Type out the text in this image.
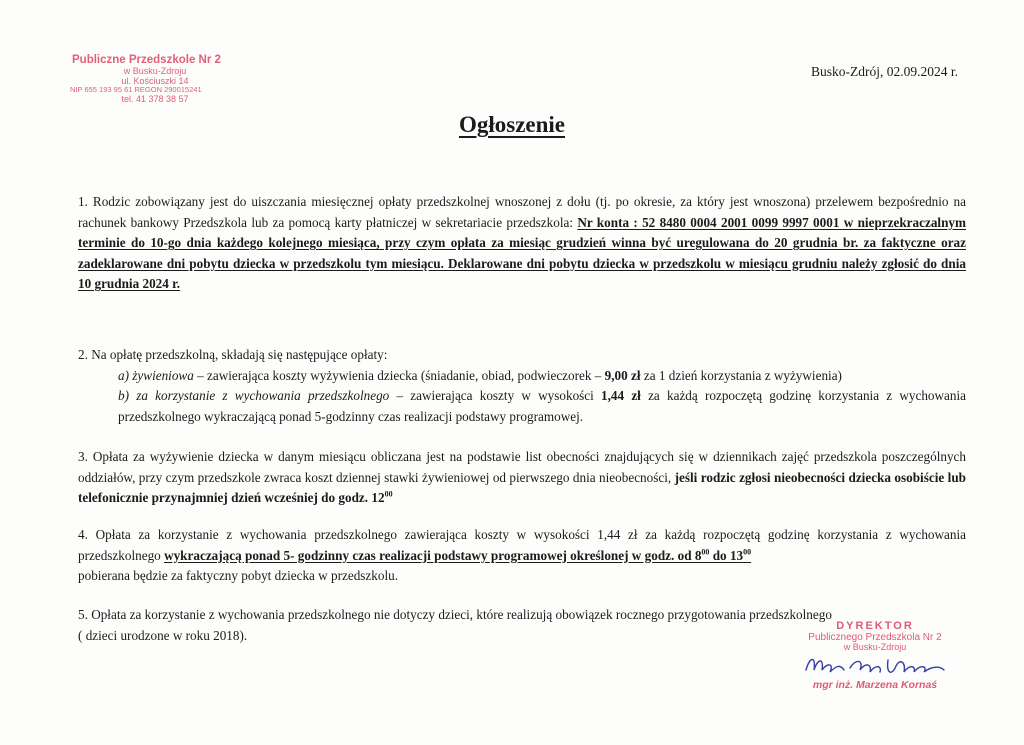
Publiczne Przedszkole Nr 2
w Busku-Zdroju
ul. Kościuszki 14
NIP 655 193 95 61 REGON 290015241
tel. 41 378 38 57
Busko-Zdrój, 02.09.2024 r.
Ogłoszenie
1. Rodzic zobowiązany jest do uiszczania miesięcznej opłaty przedszkolnej wnoszonej z dołu (tj. po okresie, za który jest wnoszona) przelewem bezpośrednio na rachunek bankowy Przedszkola lub za pomocą karty płatniczej w sekretariacie przedszkola: Nr konta : 52 8480 0004 2001 0099 9997 0001 w nieprzekraczalnym terminie do 10-go dnia każdego kolejnego miesiąca, przy czym opłata za miesiąc grudzień winna być uregulowana do 20 grudnia br. za faktyczne oraz zadeklarowane dni pobytu dziecka w przedszkolu tym miesiącu. Deklarowane dni pobytu dziecka w przedszkolu w miesiącu grudniu należy zgłosić do dnia 10 grudnia 2024 r.
2. Na opłatę przedszkolną, składają się następujące opłaty:
a) żywieniowa – zawierająca koszty wyżywienia dziecka (śniadanie, obiad, podwieczorek – 9,00 zł za 1 dzień korzystania z wyżywienia)
b) za korzystanie z wychowania przedszkolnego – zawierająca koszty w wysokości 1,44 zł za każdą rozpoczętą godzinę korzystania z wychowania przedszkolnego wykraczającą ponad 5-godzinny czas realizacji podstawy programowej.
3. Opłata za wyżywienie dziecka w danym miesiącu obliczana jest na podstawie list obecności znajdujących się w dziennikach zajęć przedszkola poszczególnych oddziałów, przy czym przedszkole zwraca koszt dziennej stawki żywieniowej od pierwszego dnia nieobecności, jeśli rodzic zgłosi nieobecności dziecka osobiście lub telefonicznie przynajmniej dzień wcześniej do godz. $12^{00}$
4. Opłata za korzystanie z wychowania przedszkolnego zawierająca koszty w wysokości 1,44 zł za każdą rozpoczętą godzinę korzystania z wychowania przedszkolnego wykraczającą ponad 5- godzinny czas realizacji podstawy programowej określonej w godz. od $8^{00}$ do $13^{00}$
pobierana będzie za faktyczny pobyt dziecka w przedszkolu.
5. Opłata za korzystanie z wychowania przedszkolnego nie dotyczy dzieci, które realizują obowiązek rocznego przygotowania przedszkolnego
( dzieci urodzone w roku 2018).
DYREKTOR
Publicznego Przedszkola Nr 2
w Busku-Zdroju
mgr inż. Marzena Kornaś
